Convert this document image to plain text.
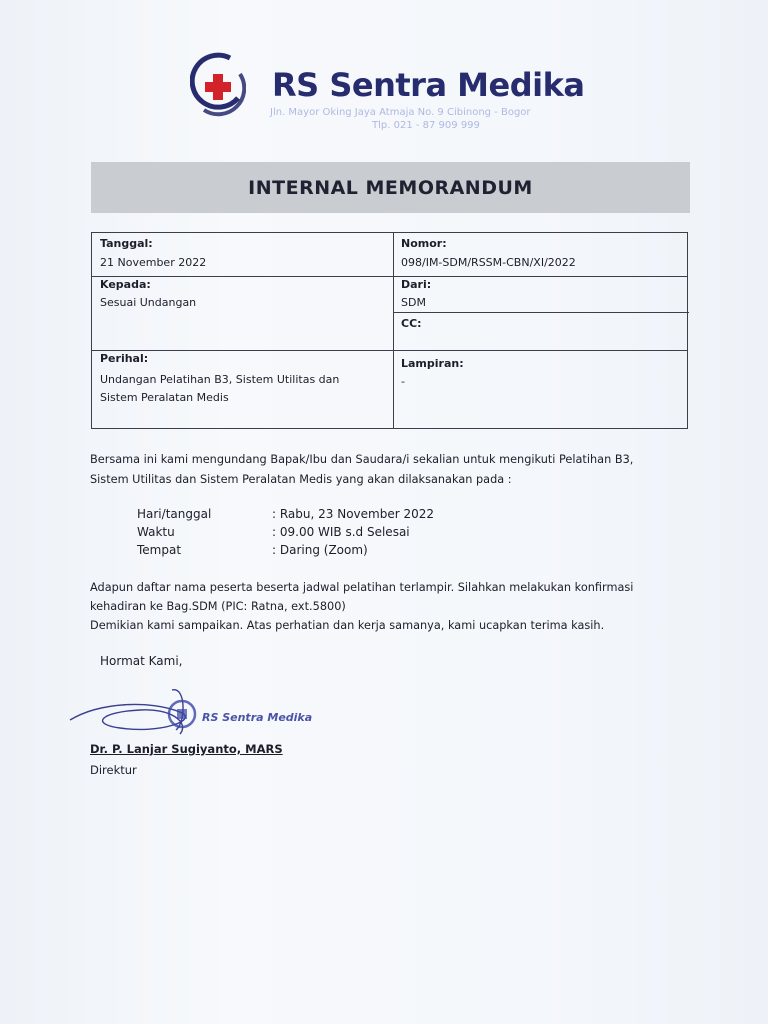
RS Sentra Medika
Jln. Mayor Oking Jaya Atmaja No. 9 Cibinong - Bogor
Tlp. 021 - 87 909 999
INTERNAL MEMORANDUM
Tanggal:
21 November 2022
Nomor:
098/IM-SDM/RSSM-CBN/XI/2022
Kepada:
Sesuai Undangan
Dari:
SDM
CC:
Perihal:
Undangan Pelatihan B3, Sistem Utilitas dan
Sistem Peralatan Medis
Lampiran:
-
Bersama ini kami mengundang Bapak/Ibu dan Saudara/i sekalian untuk mengikuti Pelatihan B3,
Sistem Utilitas dan Sistem Peralatan Medis yang akan dilaksanakan pada :
Hari/tanggal	: Rabu, 23 November 2022
Waktu	: 09.00 WIB s.d Selesai
Tempat	: Daring (Zoom)
Adapun daftar nama peserta beserta jadwal pelatihan terlampir. Silahkan melakukan konfirmasi
kehadiran ke Bag.SDM (PIC: Ratna, ext.5800)
Demikian kami sampaikan. Atas perhatian dan kerja samanya, kami ucapkan terima kasih.
Hormat Kami,
RS Sentra Medika
Dr. P. Lanjar Sugiyanto, MARS
Direktur
